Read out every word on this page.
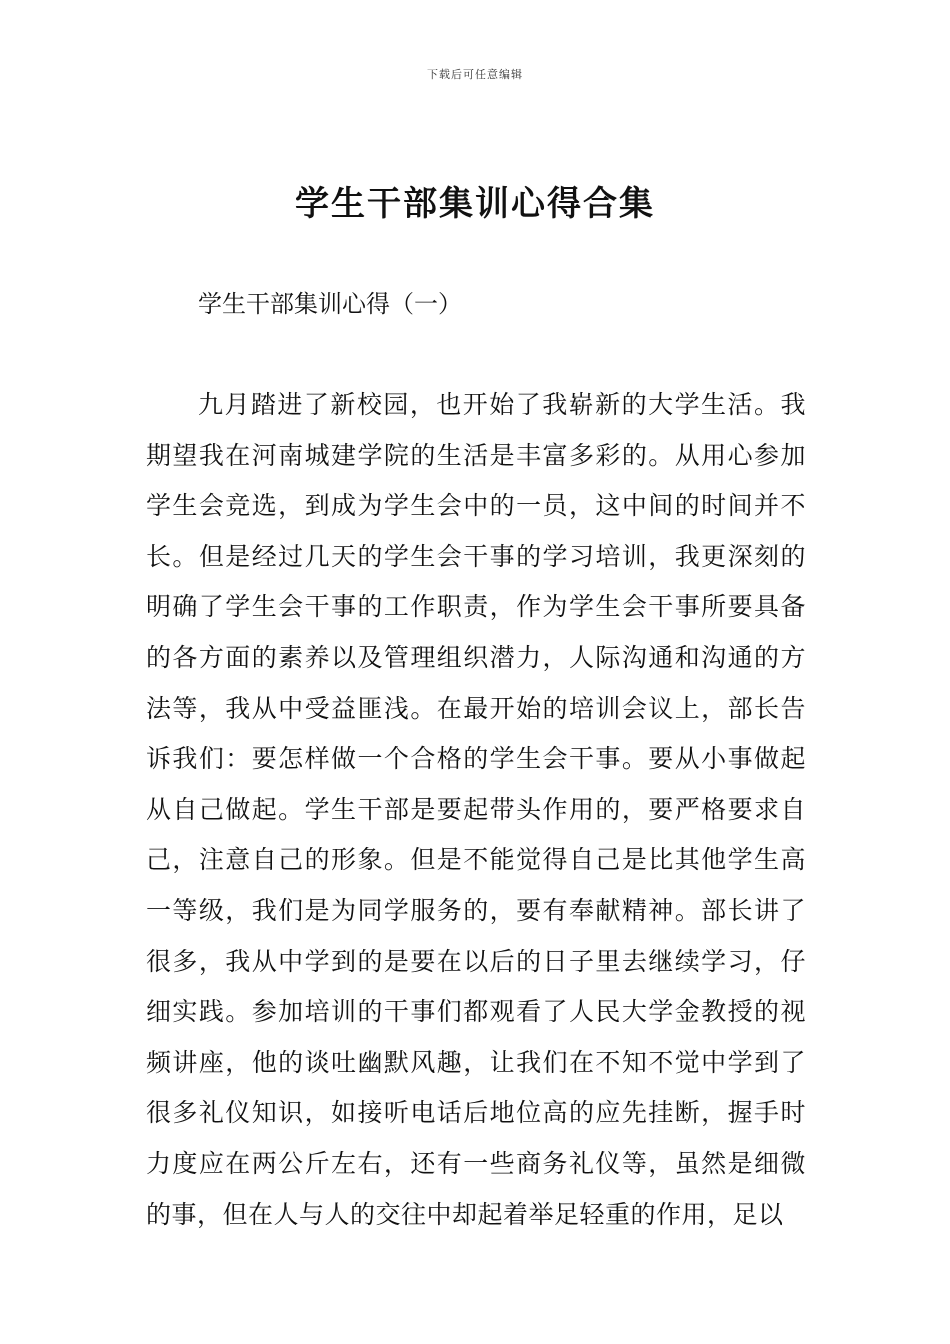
下载后可任意编辑
学生干部集训心得合集
学生干部集训心得（一）

九月踏进了新校园，也开始了我崭新的大学生活。我期望我在河南城建学院的生活是丰富多彩的。从用心参加学生会竞选，到成为学生会中的一员，这中间的时间并不长。但是经过几天的学生会干事的学习培训，我更深刻的明确了学生会干事的工作职责，作为学生会干事所要具备的各方面的素养以及管理组织潜力，人际沟通和沟通的方法等，我从中受益匪浅。在最开始的培训会议上，部长告诉我们：要怎样做一个合格的学生会干事。要从小事做起从自己做起。学生干部是要起带头作用的，要严格要求自己，注意自己的形象。但是不能觉得自己是比其他学生高一等级，我们是为同学服务的，要有奉献精神。部长讲了很多，我从中学到的是要在以后的日子里去继续学习，仔细实践。参加培训的干事们都观看了人民大学金教授的视频讲座，他的谈吐幽默风趣，让我们在不知不觉中学到了很多礼仪知识，如接听电话后地位高的应先挂断，握手时力度应在两公斤左右，还有一些商务礼仪等，虽然是细微的事，但在人与人的交往中却起着举足轻重的作用，足以
